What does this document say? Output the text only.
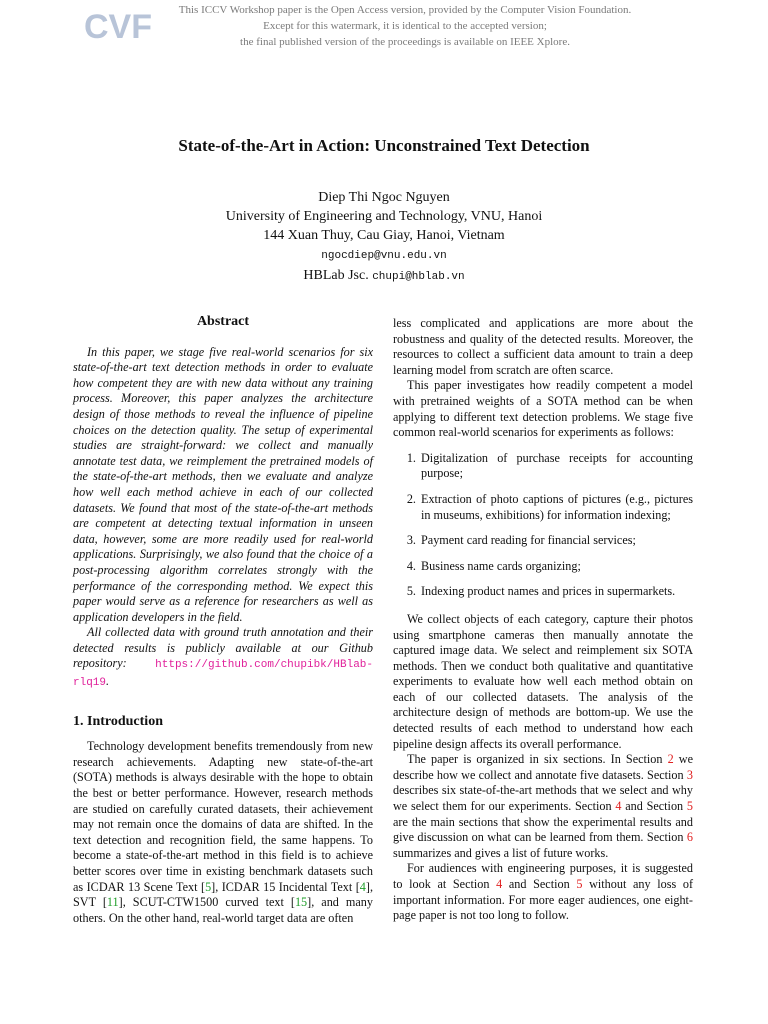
CVF	This ICCV Workshop paper is the Open Access version, provided by the Computer Vision Foundation.
Except for this watermark, it is identical to the accepted version;
the final published version of the proceedings is available on IEEE Xplore.
State-of-the-Art in Action: Unconstrained Text Detection
Diep Thi Ngoc Nguyen
University of Engineering and Technology, VNU, Hanoi
144 Xuan Thuy, Cau Giay, Hanoi, Vietnam
ngocdiep@vnu.edu.vn
HBLab Jsc. chupi@hblab.vn
Abstract

In this paper, we stage five real-world scenarios for six state-of-the-art text detection methods in order to evaluate how competent they are with new data without any training process. Moreover, this paper analyzes the architecture design of those methods to reveal the influence of pipeline choices on the detection quality. The setup of experimental studies are straight-forward: we collect and manually annotate test data, we reimplement the pretrained models of the state-of-the-art methods, then we evaluate and analyze how well each method achieve in each of our collected datasets. We found that most of the state-of-the-art methods are competent at detecting textual information in unseen data, however, some are more readily used for real-world applications. Surprisingly, we also found that the choice of a post-processing algorithm correlates strongly with the performance of the corresponding method. We expect this paper would serve as a reference for researchers as well as application developers in the field.

All collected data with ground truth annotation and their detected results is publicly available at our Github repository:	https://github.com/chupibk/HBlab-rlq19.

1. Introduction

Technology development benefits tremendously from new research achievements. Adapting new state-of-the-art (SOTA) methods is always desirable with the hope to obtain the best or better performance. However, research methods are studied on carefully curated datasets, their achievement may not remain once the domains of data are shifted. In the text detection and recognition field, the same happens. To become a state-of-the-art method in this field is to achieve better scores over time in existing benchmark datasets such as ICDAR 13 Scene Text [5], ICDAR 15 Incidental Text [4], SVT [11], SCUT-CTW1500 curved text [15], and many others. On the other hand, real-world target data are often

less complicated and applications are more about the robustness and quality of the detected results. Moreover, the resources to collect a sufficient data amount to train a deep learning model from scratch are often scarce.

This paper investigates how readily competent a model with pretrained weights of a SOTA method can be when applying to different text detection problems. We stage five common real-world scenarios for experiments as follows:

1. Digitalization of purchase receipts for accounting purpose;
2. Extraction of photo captions of pictures (e.g., pictures in museums, exhibitions) for information indexing;
3. Payment card reading for financial services;
4. Business name cards organizing;
5. Indexing product names and prices in supermarkets.

We collect objects of each category, capture their photos using smartphone cameras then manually annotate the captured image data. We select and reimplement six SOTA methods. Then we conduct both qualitative and quantitative experiments to evaluate how well each method obtain on each of our collected datasets. The analysis of the architecture design of methods are bottom-up. We use the detected results of each method to understand how each pipeline design affects its overall performance.

The paper is organized in six sections. In Section 2 we describe how we collect and annotate five datasets. Section 3 describes six state-of-the-art methods that we select and why we select them for our experiments. Section 4 and Section 5 are the main sections that show the experimental results and give discussion on what can be learned from them. Section 6 summarizes and gives a list of future works.

For audiences with engineering purposes, it is suggested to look at Section 4 and Section 5 without any loss of important information. For more eager audiences, one eight-page paper is not too long to follow.
